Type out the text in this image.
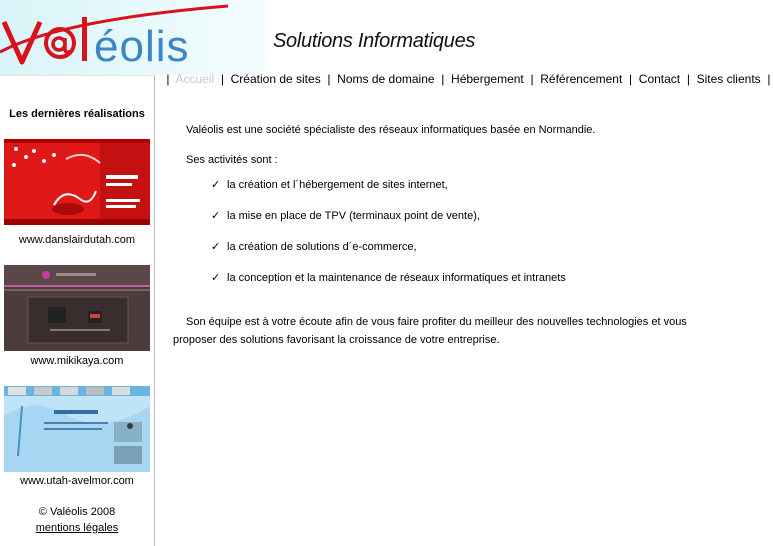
éolis	Solutions Informatiques
|  Accueil  |  Création de sites  |  Noms de domaine  |  Hébergement  |  Référencement  |  Contact  |  Sites clients  |
Les dernières réalisations
www.danslairdutah.com
www.mikikaya.com
www.utah-avelmor.com
© Valéolis 2008
mentions légales
Valéolis est une société spécialiste des réseaux informatiques basée en Normandie.
Ses activités sont :
✓ la création et l´hébergement de sites internet,
✓ la mise en place de TPV (terminaux point de vente),
✓ la création de solutions d´e-commerce,
✓ la conception et la maintenance de réseaux informatiques et intranets
Son équipe est à votre écoute afin de vous faire profiter du meilleur des nouvelles technologies et vous proposer des solutions favorisant la croissance de votre entreprise.
